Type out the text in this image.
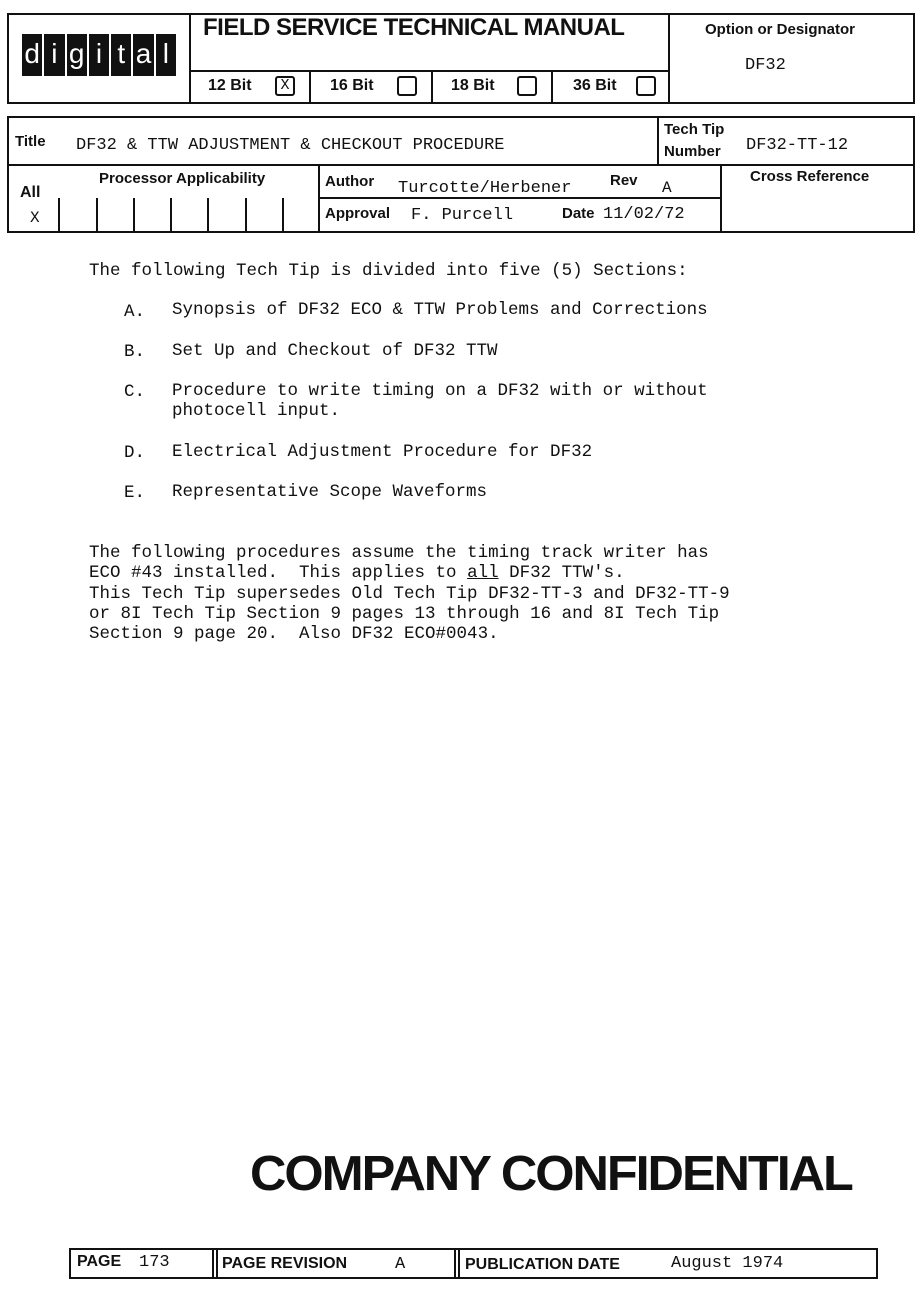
d i g i t a l
FIELD SERVICE TECHNICAL MANUAL
12 Bit	X	16 Bit	18 Bit	36 Bit
Option or Designator
DF32
Title DF32 & TTW ADJUSTMENT & CHECKOUT PROCEDURE
Tech Tip
Number DF32-TT-12
All
X
Processor Applicability	Author Turcotte/Herbener	Rev A
Approval F. Purcell	Date 11/02/72
Cross Reference
The following Tech Tip is divided into five (5) Sections:
A. Synopsis of DF32 ECO & TTW Problems and Corrections
B. Set Up and Checkout of DF32 TTW
C. Procedure to write timing on a DF32 with or without
photocell input.
D. Electrical Adjustment Procedure for DF32
E. Representative Scope Waveforms

The following procedures assume the timing track writer has
ECO #43 installed.  This applies to all DF32 TTW's.

This Tech Tip supersedes Old Tech Tip DF32-TT-3 and DF32-TT-9
or 8I Tech Tip Section 9 pages 13 through 16 and 8I Tech Tip
Section 9 page 20.  Also DF32 ECO#0043.
COMPANY CONFIDENTIAL
PAGE 173	PAGE REVISION	A	PUBLICATION DATE	August 1974
